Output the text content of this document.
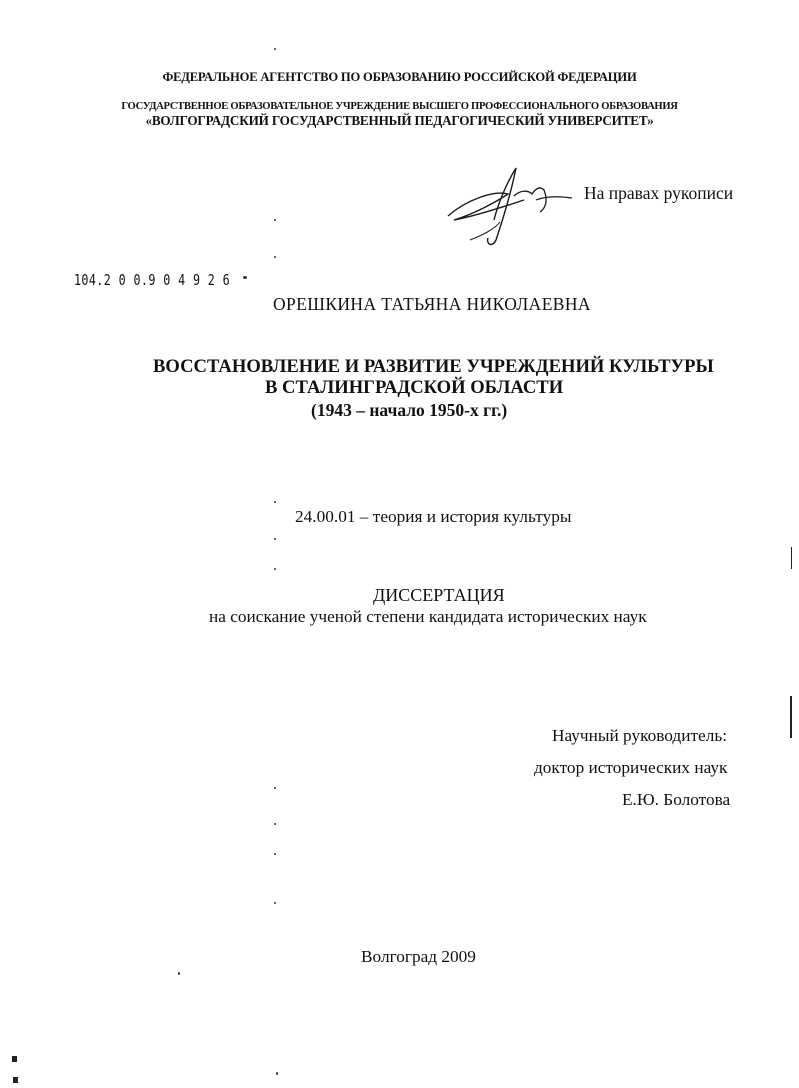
ФЕДЕРАЛЬНОЕ АГЕНТСТВО ПО ОБРАЗОВАНИЮ РОССИЙСКОЙ ФЕДЕРАЦИИ
ГОСУДАРСТВЕННОЕ ОБРАЗОВАТЕЛЬНОЕ УЧРЕЖДЕНИЕ ВЫСШЕГО ПРОФЕССИОНАЛЬНОГО ОБРАЗОВАНИЯ
«ВОЛГОГРАДСКИЙ ГОСУДАРСТВЕННЫЙ ПЕДАГОГИЧЕСКИЙ УНИВЕРСИТЕТ»
На правах рукописи
104.2 0 0.9 0 4 9 2 6
ОРЕШКИНА ТАТЬЯНА НИКОЛАЕВНА
ВОССТАНОВЛЕНИЕ И РАЗВИТИЕ УЧРЕЖДЕНИЙ КУЛЬТУРЫ
В СТАЛИНГРАДСКОЙ ОБЛАСТИ
(1943 – начало 1950-х гг.)
24.00.01 – теория и история культуры
ДИССЕРТАЦИЯ
на соискание ученой степени кандидата исторических наук
Научный руководитель:
доктор исторических наук
Е.Ю. Болотова
Волгоград 2009
